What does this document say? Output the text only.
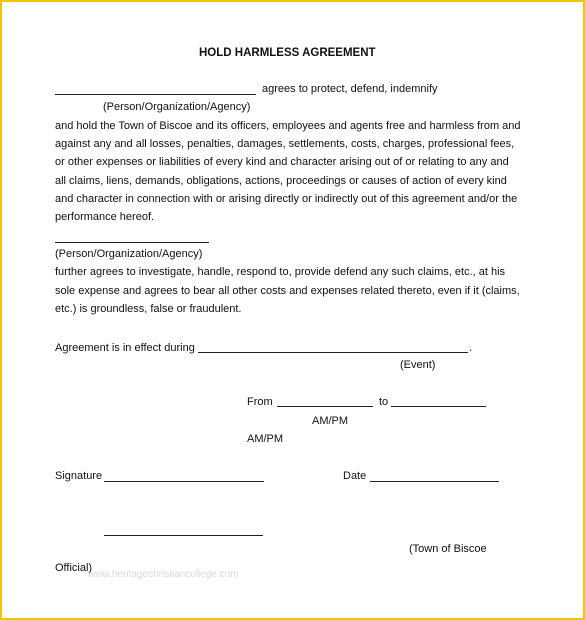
HOLD HARMLESS AGREEMENT
agrees to protect, defend, indemnify
(Person/Organization/Agency)
and hold the Town of Biscoe and its officers, employees and agents free and harmless from and
against any and all losses, penalties, damages, settlements, costs, charges, professional fees,
or other expenses or liabilities of every kind and character arising out of or relating to any and
all claims, liens, demands, obligations, actions, proceedings or causes of action of every kind
and character in connection with or arising directly or indirectly out of this agreement and/or the
performance hereof.
(Person/Organization/Agency)
further agrees to investigate, handle, respond to, provide defend any such claims, etc., at his
sole expense and agrees to bear all other costs and expenses related thereto, even if it (claims,
etc.) is groundless, false or fraudulent.
Agreement is in effect during	.
(Event)
From	to
AM/PM
AM/PM
Signature	Date
(Town of Biscoe
Official)
www.heritagechristiancollege.com
